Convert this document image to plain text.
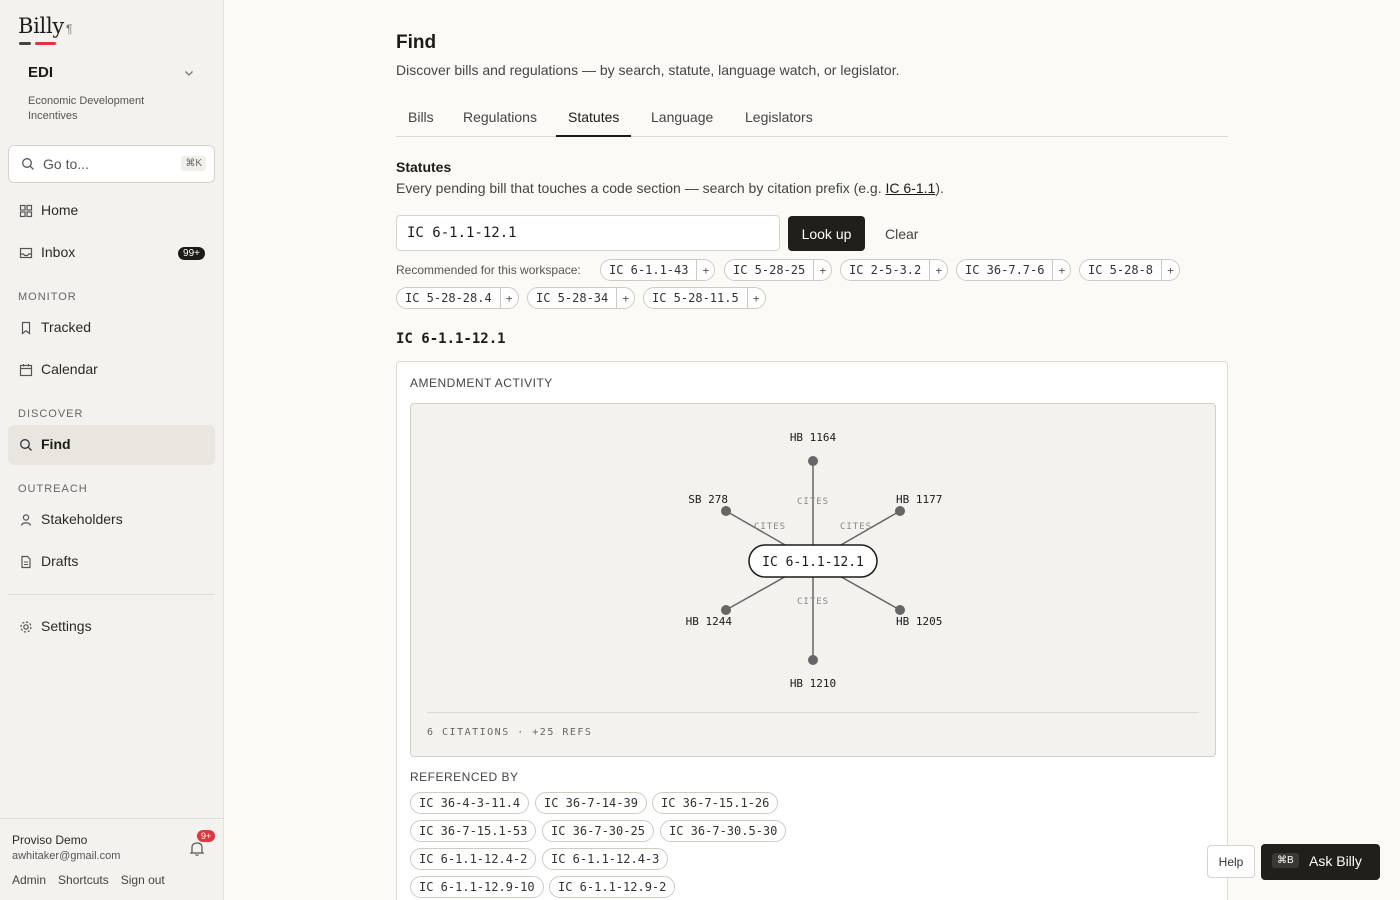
Billy ¶
EDI
Economic Development Incentives
Go to...	⌘K
Home
Inbox	99+
MONITOR
Tracked
Calendar
DISCOVER
Find
OUTREACH
Stakeholders
Drafts
Settings
Proviso Demo
awhitaker@gmail.com
9+
Admin Shortcuts Sign out
Find
Discover bills and regulations — by search, statute, language watch, or legislator.
Bills	Regulations	Statutes	Language	Legislators
Statutes
Every pending bill that touches a code section — search by citation prefix (e.g. IC 6-1.1).
IC 6-1.1-12.1
Look up	Clear
Recommended for this workspace:	IC 6-1.1-43	+	IC 5-28-25	+	IC 2-5-3.2	+	IC 36-7.7-6	+	IC 5-28-8	+
IC 5-28-28.4	+	IC 5-28-34	+	IC 5-28-11.5	+
IC 6-1.1-12.1
AMENDMENT ACTIVITY
CITES
CITES
CITES
CITES
HB 1164
HB 1177
HB 1205
HB 1210
HB 1244
SB 278
IC 6-1.1-12.1
6 CITATIONS · +25 REFS
REFERENCED BY
IC 36-4-3-11.4	IC 36-7-14-39	IC 36-7-15.1-26
IC 36-7-15.1-53	IC 36-7-30-25	IC 36-7-30.5-30
IC 6-1.1-12.4-2	IC 6-1.1-12.4-3
IC 6-1.1-12.9-10	IC 6-1.1-12.9-2
Help	⌘B	Ask Billy
